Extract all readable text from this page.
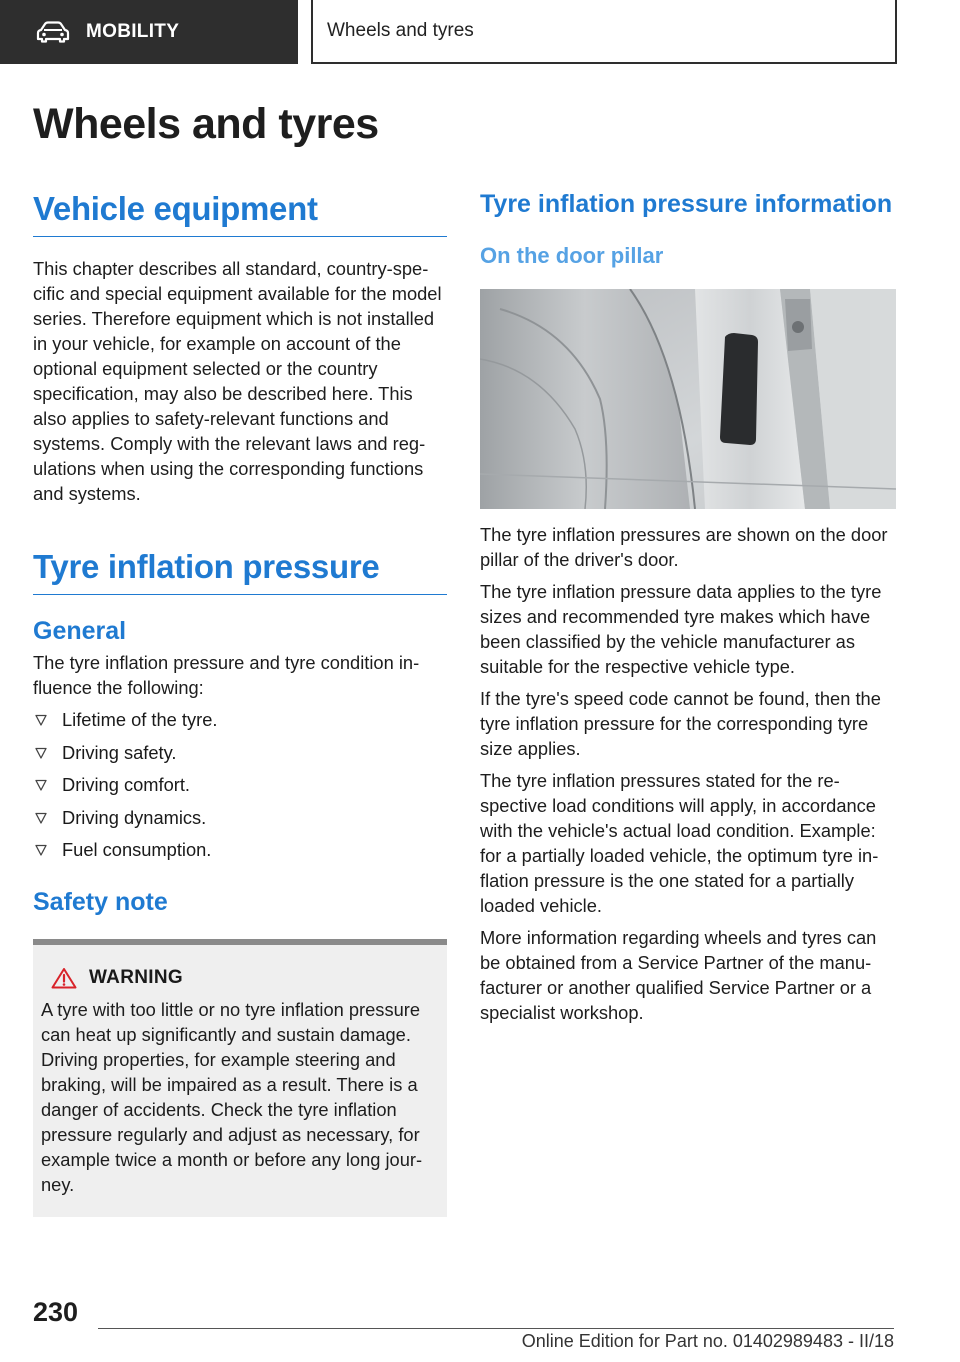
MOBILITY	Wheels and tyres
Wheels and tyres
Vehicle equipment

This chapter describes all standard, country-specific and special equipment available for the model series. Therefore equipment which is not installed in your vehicle, for example on account of the optional equipment selected or the country specification, may also be described here. This also applies to safety-relevant functions and systems. Comply with the relevant laws and regulations when using the corresponding functions and systems.

Tyre inflation pressure
General

The tyre inflation pressure and tyre condition influence the following:

Lifetime of the tyre.
Driving safety.
Driving comfort.
Driving dynamics.
Fuel consumption.
Safety note
WARNING

A tyre with too little or no tyre inflation pressure can heat up significantly and sustain damage. Driving properties, for example steering and braking, will be impaired as a result. There is a danger of accidents. Check the tyre inflation pressure regularly and adjust as necessary, for example twice a month or before any long journey.

Tyre inflation pressure information
On the door pillar

The tyre inflation pressures are shown on the door pillar of the driver's door.

The tyre inflation pressure data applies to the tyre sizes and recommended tyre makes which have been classified by the vehicle manufacturer as suitable for the respective vehicle type.

If the tyre's speed code cannot be found, then the tyre inflation pressure for the corresponding tyre size applies.

The tyre inflation pressures stated for the respective load conditions will apply, in accordance with the vehicle's actual load condition. Example: for a partially loaded vehicle, the optimum tyre inflation pressure is the one stated for a partially loaded vehicle.

More information regarding wheels and tyres can be obtained from a Service Partner of the manufacturer or another qualified Service Partner or a specialist workshop.

230
Online Edition for Part no. 01402989483 - II/18
